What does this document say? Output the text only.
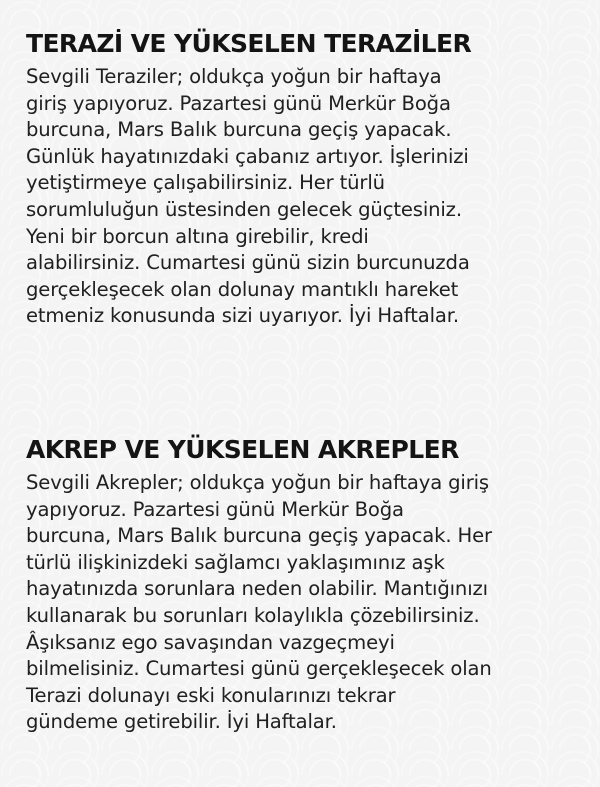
TERAZİ VE YÜKSELEN TERAZİLER

Sevgili Teraziler; oldukça yoğun bir haftaya
giriş yapıyoruz. Pazartesi günü Merkür Boğa
burcuna, Mars Balık burcuna geçiş yapacak.
Günlük hayatınızdaki çabanız artıyor. İşlerinizi
yetiştirmeye çalışabilirsiniz. Her türlü
sorumluluğun üstesinden gelecek güçtesiniz.
Yeni bir borcun altına girebilir, kredi
alabilirsiniz. Cumartesi günü sizin burcunuzda
gerçekleşecek olan dolunay mantıklı hareket
etmeniz konusunda sizi uyarıyor. İyi Haftalar.

AKREP VE YÜKSELEN AKREPLER

Sevgili Akrepler; oldukça yoğun bir haftaya giriş
yapıyoruz. Pazartesi günü Merkür Boğa
burcuna, Mars Balık burcuna geçiş yapacak. Her
türlü ilişkinizdeki sağlamcı yaklaşımınız aşk
hayatınızda sorunlara neden olabilir. Mantığınızı
kullanarak bu sorunları kolaylıkla çözebilirsiniz.
Âşıksanız ego savaşından vazgeçmeyi
bilmelisiniz. Cumartesi günü gerçekleşecek olan
Terazi dolunayı eski konularınızı tekrar
gündeme getirebilir. İyi Haftalar.
